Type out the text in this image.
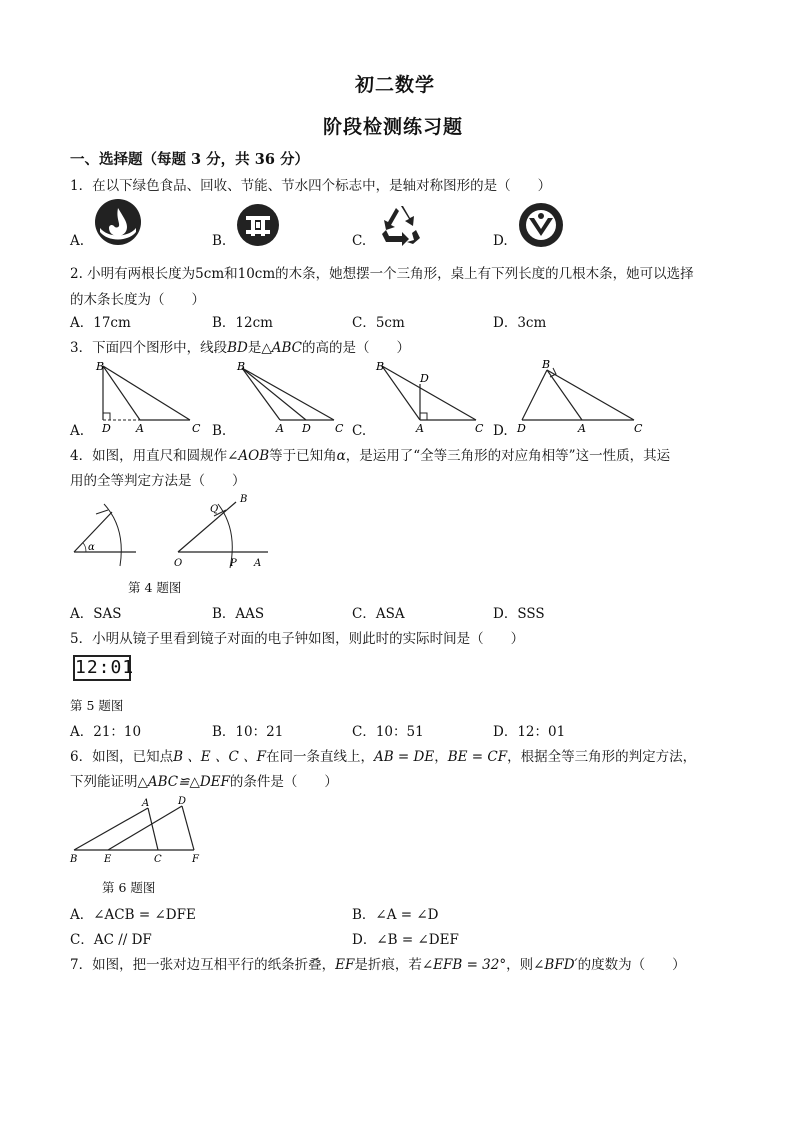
初二数学
阶段检测练习题
一、选择题（每题 3 分，共 36 分）
1．在以下绿色食品、回收、节能、节水四个标志中，是轴对称图形的是（　　）
A.	B.	C.	D.
2. 小明有两根长度为5cm和10cm的木条，她想摆一个三角形，桌上有下列长度的几根木条，她可以选择
的木条长度为（　　）
A．17cm	B．12cm	C．5cm	D．3cm
3．下面四个图形中，线段BD是△ABC的高的是（　　）
B
D A	C
B
A D C
B
D
A	C
B
D	A	C
A.	B.	C.	D.
4．如图，用直尺和圆规作∠AOB等于已知角α，是运用了“全等三角形的对应角相等”这一性质，其运
用的全等判定方法是（　　）
α
B
Q
O	P A
第 4 题图
A．SAS	B．AAS	C．ASA	D．SSS
5．小明从镜子里看到镜子对面的电子钟如图，则此时的实际时间是（　　）
12:01
第 5 题图
A．21：10	B．10：21	C．10：51	D．12：01
6．如图，已知点B 、E 、C 、F在同一条直线上，AB = DE，BE = CF，根据全等三角形的判定方法，
下列能证明△ABC≌△DEF的条件是（　　）
A	D
B	E	C	F
第 6 题图
A．∠ACB = ∠DFE	B．∠A = ∠D
C．AC // DF	D．∠B = ∠DEF
7．如图，把一张对边互相平行的纸条折叠，EF是折痕，若∠EFB = 32°，则∠BFD′的度数为（　　）
